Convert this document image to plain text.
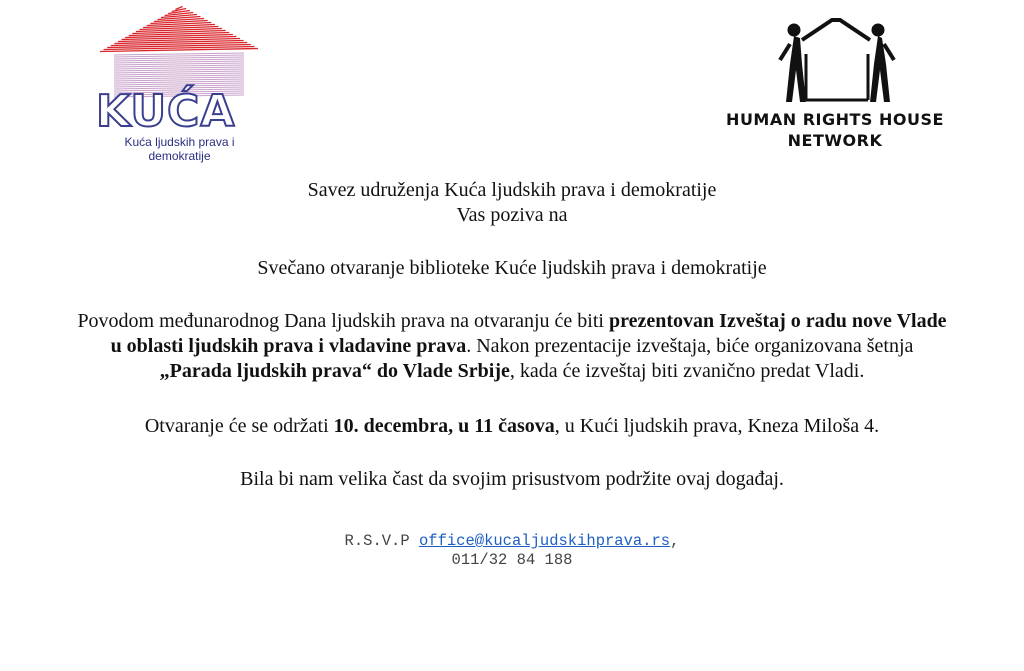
KUĆA
Kuća ljudskih prava i demokratije
HUMAN RIGHTS HOUSE
NETWORK
Savez udruženja Kuća ljudskih prava i demokratije
Vas poziva na
Svečano otvaranje biblioteke Kuće ljudskih prava i demokratije
Povodom međunarodnog Dana ljudskih prava na otvaranju će biti prezentovan Izveštaj o radu nove Vlade
u oblasti ljudskih prava i vladavine prava. Nakon prezentacije izveštaja, biće organizovana šetnja
„Parada ljudskih prava“ do Vlade Srbije, kada će izveštaj biti zvanično predat Vladi.
Otvaranje će se održati 10. decembra, u 11 časova, u Kući ljudskih prava, Kneza Miloša 4.
Bila bi nam velika čast da svojim prisustvom podržite ovaj događaj.
R.S.V.P office@kucaljudskihprava.rs,
011/32 84 188
